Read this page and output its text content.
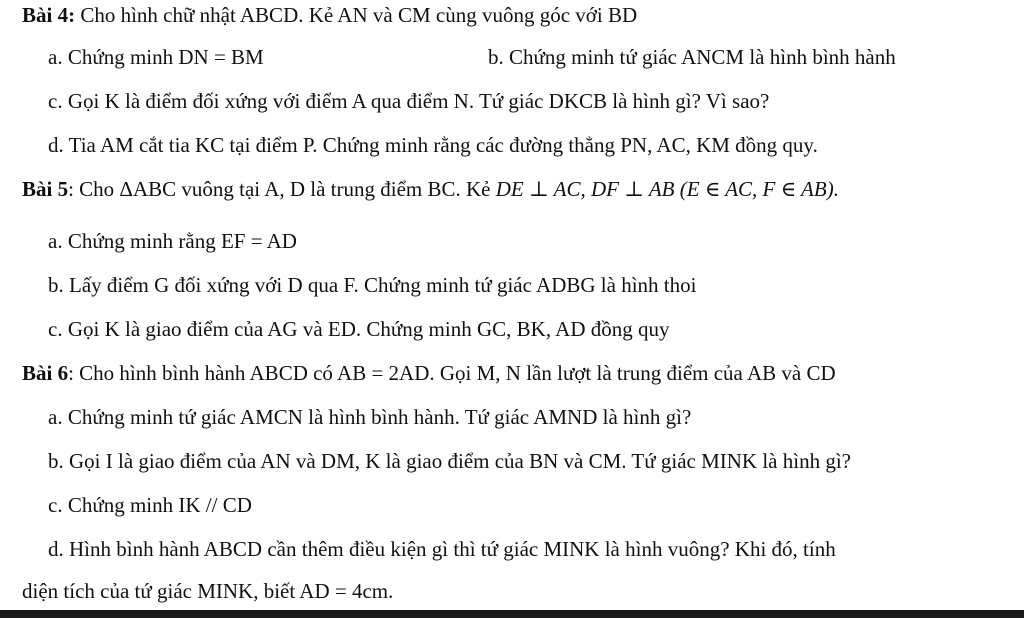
Bài 4: Cho hình chữ nhật ABCD. Kẻ AN và CM cùng vuông góc với BD
a. Chứng minh DN = BM	b. Chứng minh tứ giác ANCM là hình bình hành
c. Gọi K là điểm đối xứng với điểm A qua điểm N. Tứ giác DKCB là hình gì? Vì sao?
d. Tia AM cắt tia KC tại điểm P. Chứng minh rằng các đường thẳng PN, AC, KM đồng quy.
Bài 5: Cho ΔABC vuông tại A, D là trung điểm BC. Kẻ DE ⊥ AC, DF ⊥ AB (E ∈ AC, F ∈ AB).
a. Chứng minh rằng EF = AD
b. Lấy điểm G đối xứng với D qua F. Chứng minh tứ giác ADBG là hình thoi
c. Gọi K là giao điểm của AG và ED. Chứng minh GC, BK, AD đồng quy
Bài 6: Cho hình bình hành ABCD có AB = 2AD. Gọi M, N lần lượt là trung điểm của AB và CD
a. Chứng minh tứ giác AMCN là hình bình hành. Tứ giác AMND là hình gì?
b. Gọi I là giao điểm của AN và DM, K là giao điểm của BN và CM. Tứ giác MINK là hình gì?
c. Chứng minh IK // CD
d. Hình bình hành ABCD cần thêm điều kiện gì thì tứ giác MINK là hình vuông? Khi đó, tính
diện tích của tứ giác MINK, biết AD = 4cm.
